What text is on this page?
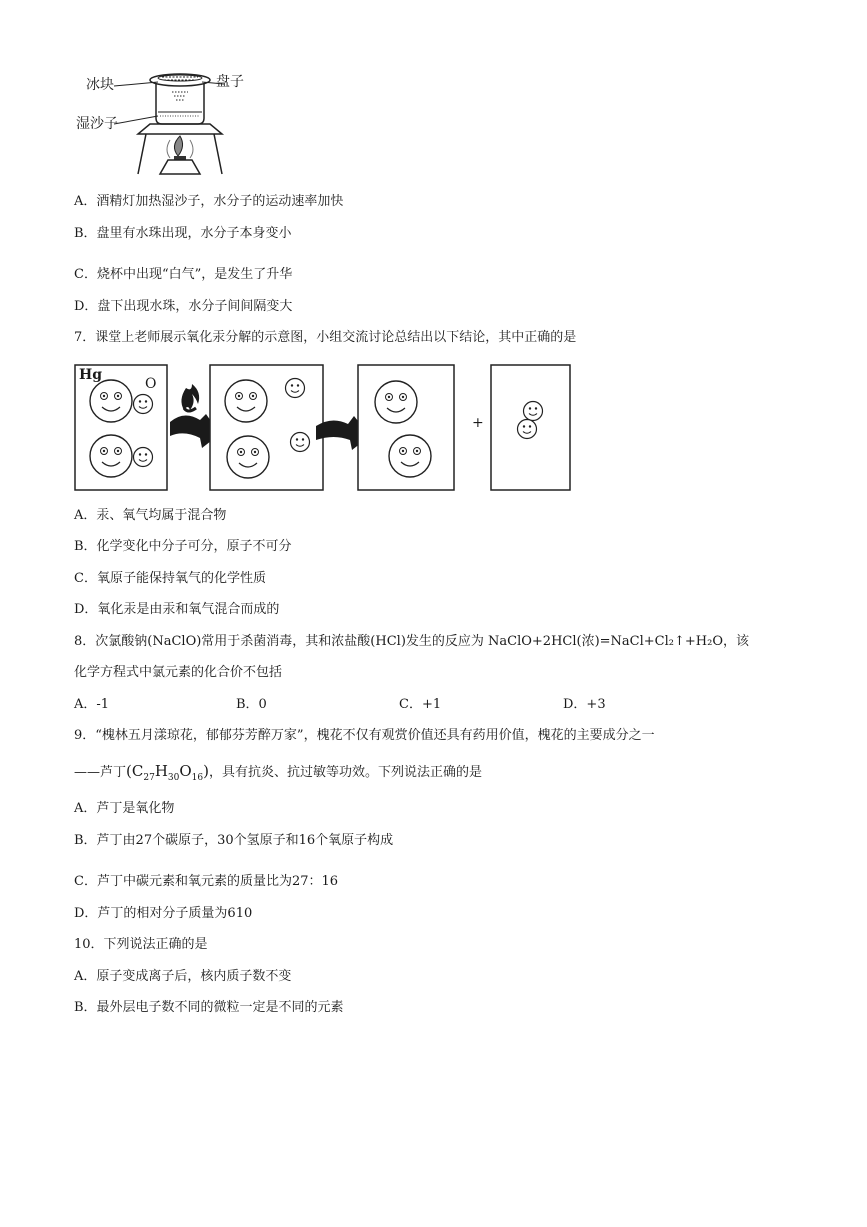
冰块	盘子
湿沙子
A．酒精灯加热湿沙子，水分子的运动速率加快
B．盘里有水珠出现，水分子本身变小
C．烧杯中出现“白气”，是发生了升华
D．盘下出现水珠，水分子间间隔变大
7．课堂上老师展示氧化汞分解的示意图，小组交流讨论总结出以下结论，其中正确的是
Hg
O
+
A．汞、氧气均属于混合物
B．化学变化中分子可分，原子不可分
C．氧原子能保持氧气的化学性质
D．氧化汞是由汞和氧气混合而成的
8．次氯酸钠(NaClO)常用于杀菌消毒，其和浓盐酸(HCl)发生的反应为 NaClO+2HCl(浓)=NaCl+Cl₂↑+H₂O，该
化学方程式中氯元素的化合价不包括
A．-1	B．0	C．+1	D．+3
9．“槐林五月漾琼花，郁郁芬芳醉万家”，槐花不仅有观赏价值还具有药用价值，槐花的主要成分之一
——芦丁$(C_{27}H_{30}O_{16})$，具有抗炎、抗过敏等功效。下列说法正确的是
A．芦丁是氧化物
B．芦丁由27个碳原子，30个氢原子和16个氧原子构成
C．芦丁中碳元素和氧元素的质量比为27：16
D．芦丁的相对分子质量为610
10．下列说法正确的是
A．原子变成离子后，核内质子数不变
B．最外层电子数不同的微粒一定是不同的元素
